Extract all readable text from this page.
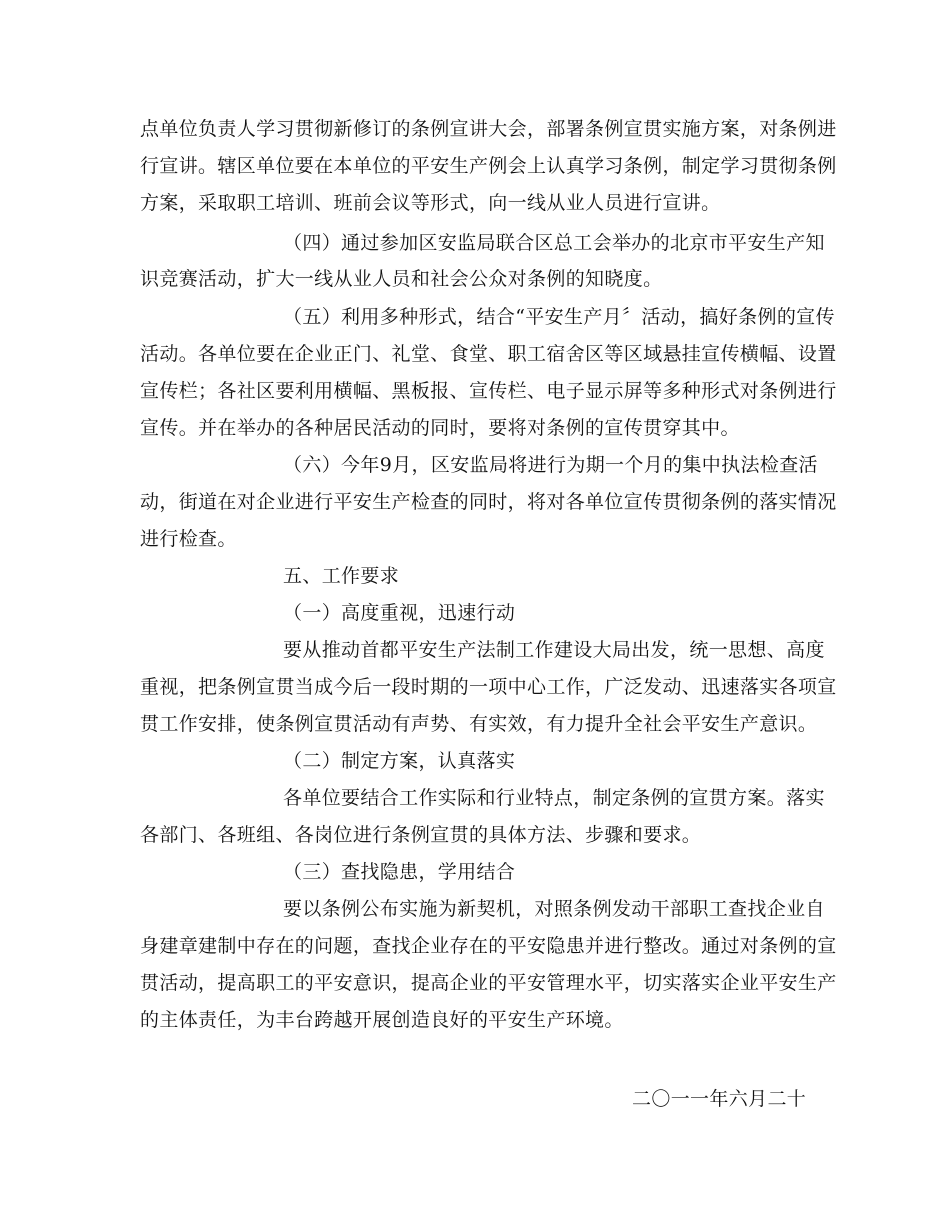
点单位负责人学习贯彻新修订的条例宣讲大会，部署条例宣贯实施方案，对条例进
行宣讲。辖区单位要在本单位的平安生产例会上认真学习条例，制定学习贯彻条例
方案，采取职工培训、班前会议等形式，向一线从业人员进行宣讲。
（四）通过参加区安监局联合区总工会举办的北京市平安生产知
识竞赛活动，扩大一线从业人员和社会公众对条例的知晓度。
（五）利用多种形式，结合“平安生产月〞活动，搞好条例的宣传
活动。各单位要在企业正门、礼堂、食堂、职工宿舍区等区域悬挂宣传横幅、设置
宣传栏；各社区要利用横幅、黑板报、宣传栏、电子显示屏等多种形式对条例进行
宣传。并在举办的各种居民活动的同时，要将对条例的宣传贯穿其中。
（六）今年9月，区安监局将进行为期一个月的集中执法检查活
动，街道在对企业进行平安生产检查的同时，将对各单位宣传贯彻条例的落实情况
进行检查。
五、工作要求
（一）高度重视，迅速行动
要从推动首都平安生产法制工作建设大局出发，统一思想、高度
重视，把条例宣贯当成今后一段时期的一项中心工作，广泛发动、迅速落实各项宣
贯工作安排，使条例宣贯活动有声势、有实效，有力提升全社会平安生产意识。
（二）制定方案，认真落实
各单位要结合工作实际和行业特点，制定条例的宣贯方案。落实
各部门、各班组、各岗位进行条例宣贯的具体方法、步骤和要求。
（三）查找隐患，学用结合
要以条例公布实施为新契机，对照条例发动干部职工查找企业自
身建章建制中存在的问题，查找企业存在的平安隐患并进行整改。通过对条例的宣
贯活动，提高职工的平安意识，提高企业的平安管理水平，切实落实企业平安生产
的主体责任，为丰台跨越开展创造良好的平安生产环境。
二〇一一年六月二十
